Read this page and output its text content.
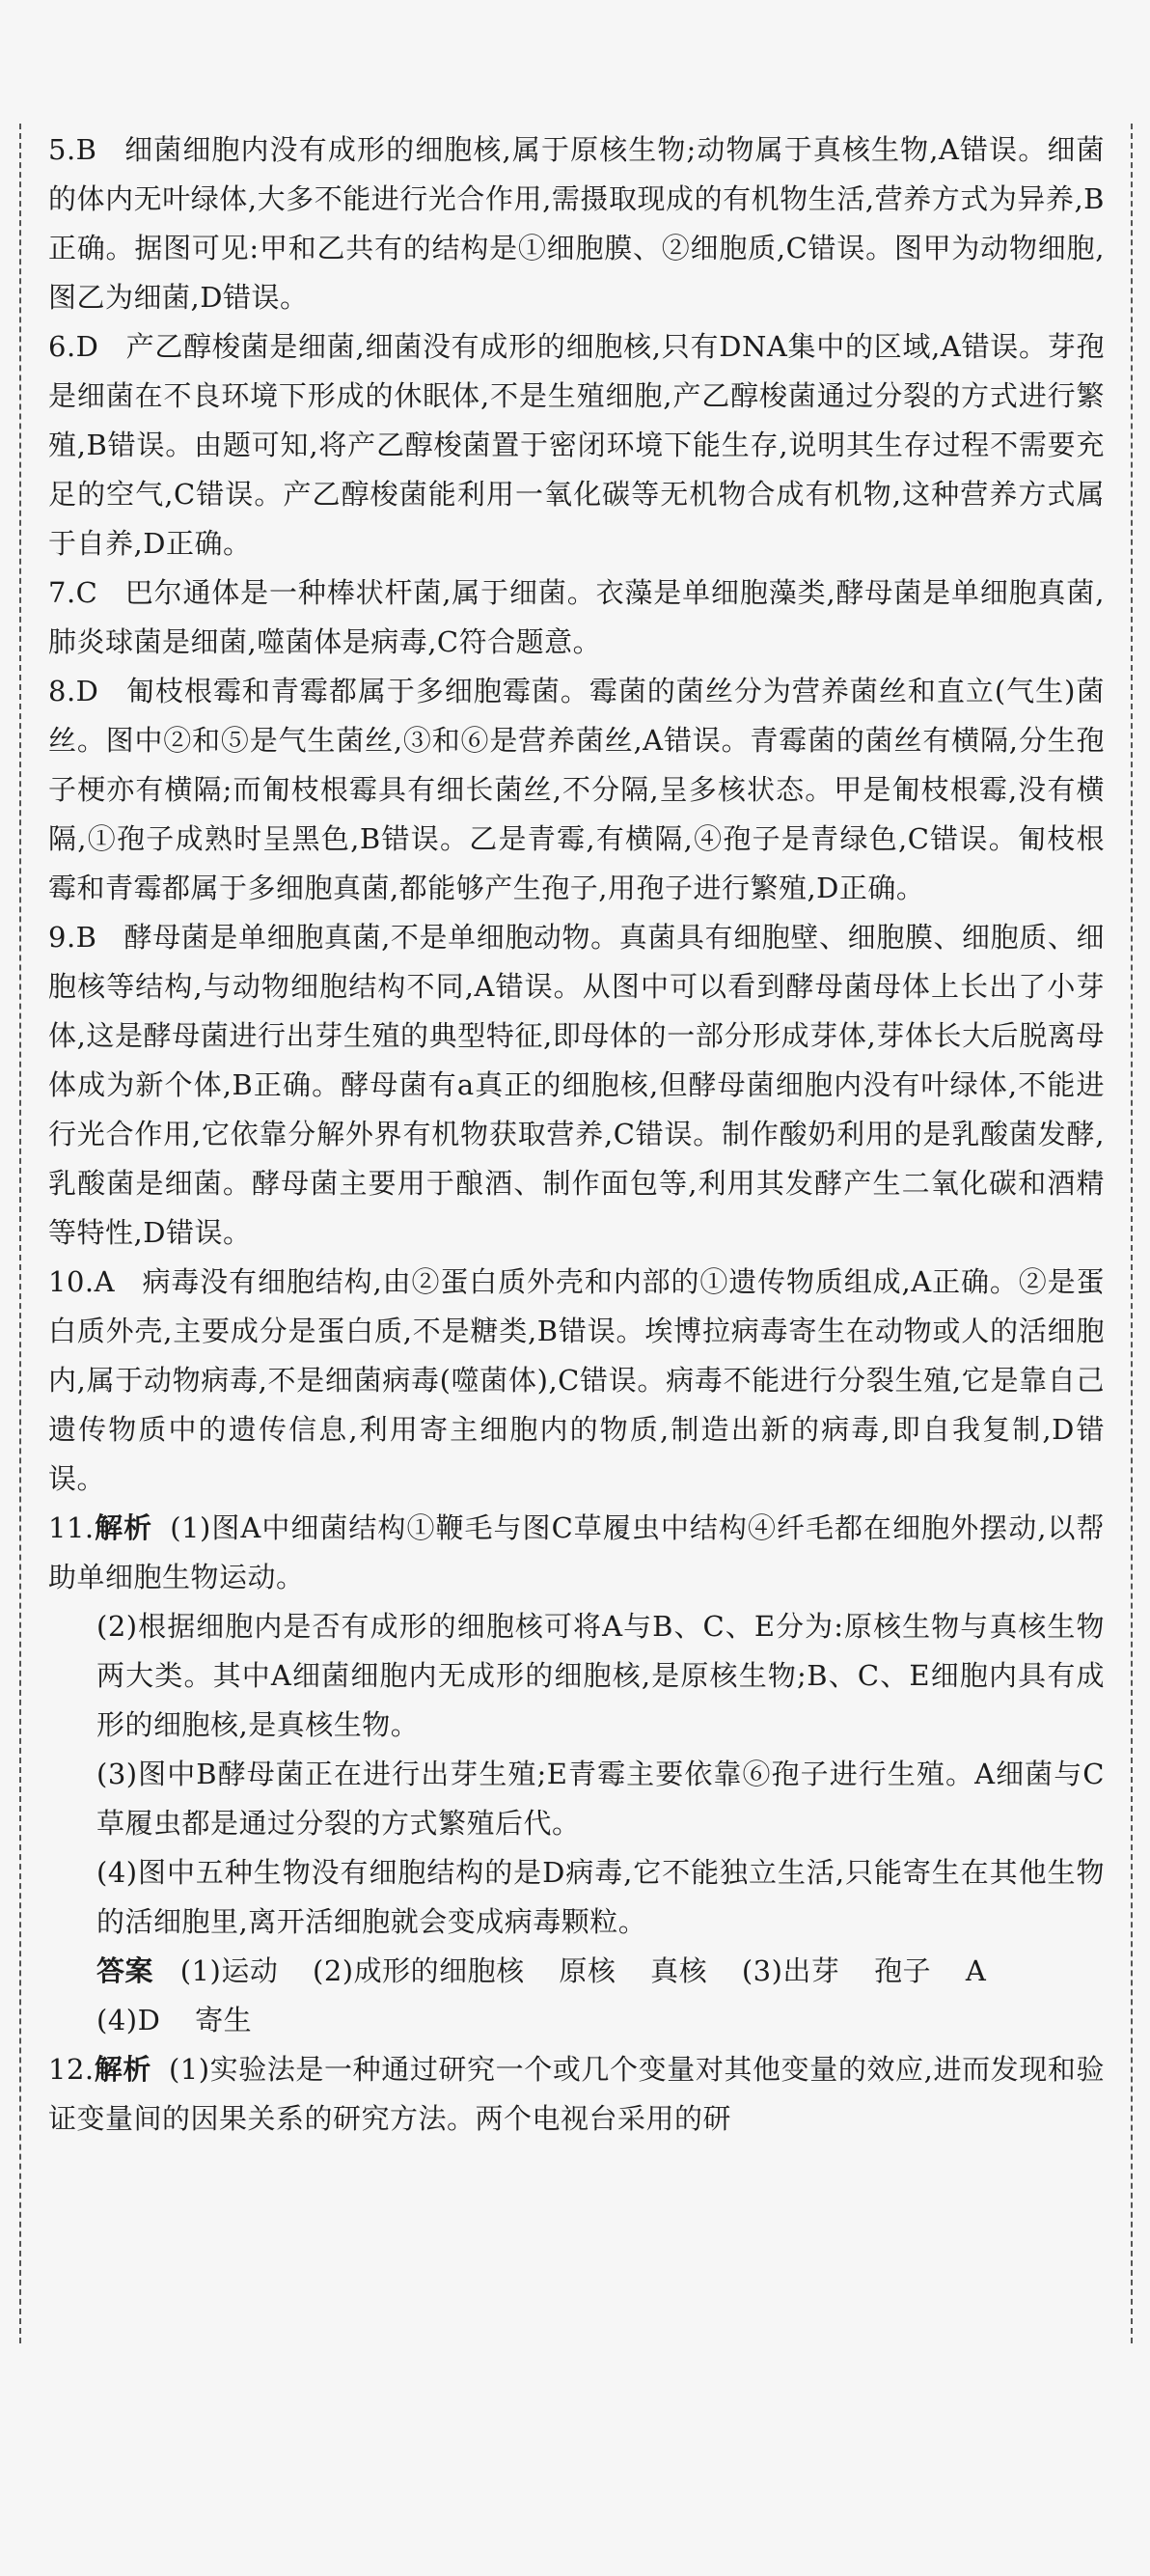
5.B 细菌细胞内没有成形的细胞核,属于原核生物;动物属于真核生物,A错误。细菌的体内无叶绿体,大多不能进行光合作用,需摄取现成的有机物生活,营养方式为异养,B正确。据图可见:甲和乙共有的结构是①细胞膜、②细胞质,C错误。图甲为动物细胞,图乙为细菌,D错误。
6.D 产乙醇梭菌是细菌,细菌没有成形的细胞核,只有DNA集中的区域,A错误。芽孢是细菌在不良环境下形成的休眠体,不是生殖细胞,产乙醇梭菌通过分裂的方式进行繁殖,B错误。由题可知,将产乙醇梭菌置于密闭环境下能生存,说明其生存过程不需要充足的空气,C错误。产乙醇梭菌能利用一氧化碳等无机物合成有机物,这种营养方式属于自养,D正确。
7.C 巴尔通体是一种棒状杆菌,属于细菌。衣藻是单细胞藻类,酵母菌是单细胞真菌,肺炎球菌是细菌,噬菌体是病毒,C符合题意。
8.D 匍枝根霉和青霉都属于多细胞霉菌。霉菌的菌丝分为营养菌丝和直立(气生)菌丝。图中②和⑤是气生菌丝,③和⑥是营养菌丝,A错误。青霉菌的菌丝有横隔,分生孢子梗亦有横隔;而匍枝根霉具有细长菌丝,不分隔,呈多核状态。甲是匍枝根霉,没有横隔,①孢子成熟时呈黑色,B错误。乙是青霉,有横隔,④孢子是青绿色,C错误。匍枝根霉和青霉都属于多细胞真菌,都能够产生孢子,用孢子进行繁殖,D正确。
9.B 酵母菌是单细胞真菌,不是单细胞动物。真菌具有细胞壁、细胞膜、细胞质、细胞核等结构,与动物细胞结构不同,A错误。从图中可以看到酵母菌母体上长出了小芽体,这是酵母菌进行出芽生殖的典型特征,即母体的一部分形成芽体,芽体长大后脱离母体成为新个体,B正确。酵母菌有a真正的细胞核,但酵母菌细胞内没有叶绿体,不能进行光合作用,它依靠分解外界有机物获取营养,C错误。制作酸奶利用的是乳酸菌发酵,乳酸菌是细菌。酵母菌主要用于酿酒、制作面包等,利用其发酵产生二氧化碳和酒精等特性,D错误。
10.A 病毒没有细胞结构,由②蛋白质外壳和内部的①遗传物质组成,A正确。②是蛋白质外壳,主要成分是蛋白质,不是糖类,B错误。埃博拉病毒寄生在动物或人的活细胞内,属于动物病毒,不是细菌病毒(噬菌体),C错误。病毒不能进行分裂生殖,它是靠自己遗传物质中的遗传信息,利用寄主细胞内的物质,制造出新的病毒,即自我复制,D错误。
11.解析 (1)图A中细菌结构①鞭毛与图C草履虫中结构④纤毛都在细胞外摆动,以帮助单细胞生物运动。
(2)根据细胞内是否有成形的细胞核可将A与B、C、E分为:原核生物与真核生物两大类。其中A细菌细胞内无成形的细胞核,是原核生物;B、C、E细胞内具有成形的细胞核,是真核生物。
(3)图中B酵母菌正在进行出芽生殖;E青霉主要依靠⑥孢子进行生殖。A细菌与C草履虫都是通过分裂的方式繁殖后代。
(4)图中五种生物没有细胞结构的是D病毒,它不能独立生活,只能寄生在其他生物的活细胞里,离开活细胞就会变成病毒颗粒。
答案 (1)运动 (2)成形的细胞核 原核 真核 (3)出芽 孢子 A
(4)D 寄生
12.解析 (1)实验法是一种通过研究一个或几个变量对其他变量的效应,进而发现和验证变量间的因果关系的研究方法。两个电视台采用的研
